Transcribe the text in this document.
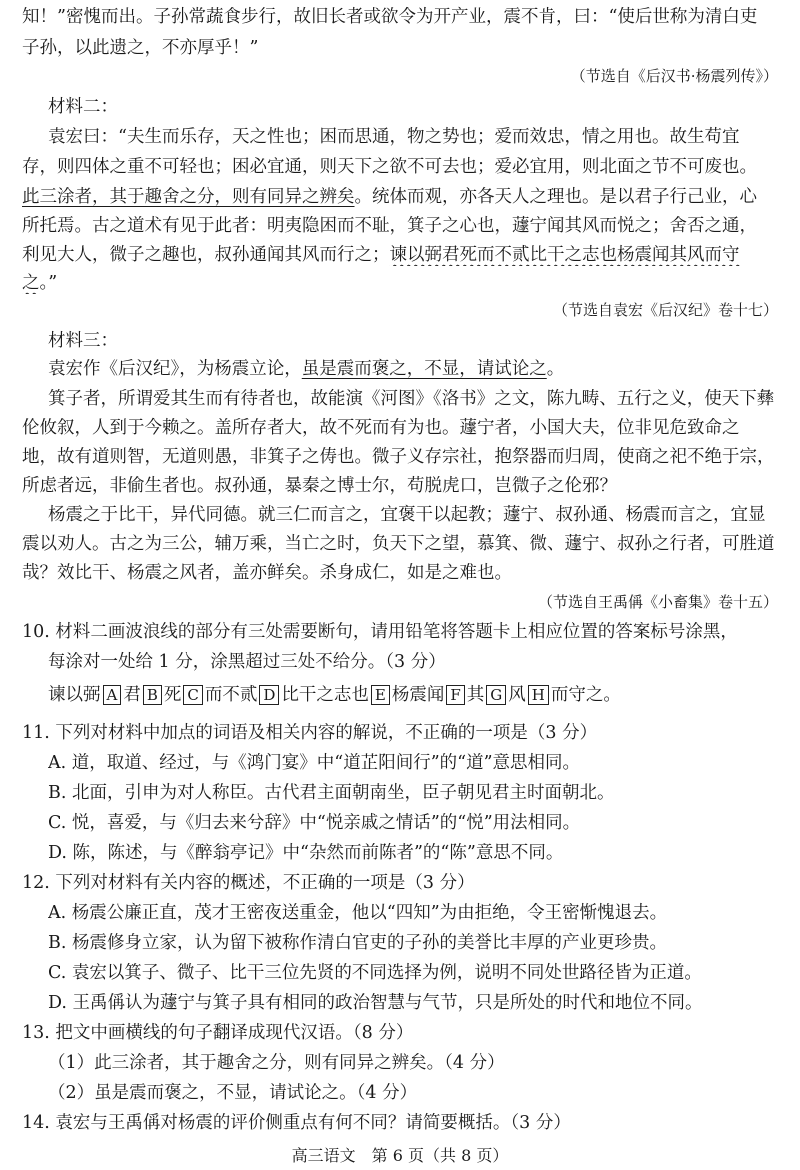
知！”密愧而出。子孙常蔬食步行，故旧长者或欲令为开产业，震不肯，曰：“使后世称为清白吏
子孙，以此遗之，不亦厚乎！”
（节选自《后汉书·杨震列传》）
材料二：
袁宏曰：“夫生而乐存，天之性也；困而思通，物之势也；爱而效忠，情之用也。故生苟宜
存，则四体之重不可轻也；困必宜通，则天下之欲不可去也；爱必宜用，则北面之节不可废也。
此三涂者，其于趣舍之分，则有同异之辨矣。统体而观，亦各天人之理也。是以君子行己业，心
所托焉。古之道术有见于此者：明夷隐困而不耻，箕子之心也，蘧宁闻其风而悦之；舍否之通，
利见大人，微子之趣也，叔孙通闻其风而行之；谏以弼君死而不贰比干之志也杨震闻其风而守
之。”
（节选自袁宏《后汉纪》卷十七）
材料三：
袁宏作《后汉纪》，为杨震立论，虽是震而褒之，不显，请试论之。
箕子者，所谓爱其生而有待者也，故能演《河图》《洛书》之文，陈九畴、五行之义，使天下彝
伦攸叙，人到于今赖之。盖所存者大，故不死而有为也。蘧宁者，小国大夫，位非见危致命之
地，故有道则智，无道则愚，非箕子之俦也。微子义存宗社，抱祭器而归周，使商之祀不绝于宗，
所虑者远，非偷生者也。叔孙通，暴秦之博士尔，苟脱虎口，岂微子之伦邪？
杨震之于比干，异代同德。就三仁而言之，宜褒干以起教；蘧宁、叔孙通、杨震而言之，宜显
震以劝人。古之为三公，辅万乘，当亡之时，负天下之望，慕箕、微、蘧宁、叔孙之行者，可胜道
哉？效比干、杨震之风者，盖亦鲜矣。杀身成仁，如是之难也。
（节选自王禹偁《小畜集》卷十五）
10. 材料二画波浪线的部分有三处需要断句，请用铅笔将答题卡上相应位置的答案标号涂黑，
每涂对一处给 1 分，涂黑超过三处不给分。（3 分）
谏以弼 A 君 B 死 C 而不贰 D 比干之志也 E 杨震闻 F 其 G 风 H 而守之。
11. 下列对材料中加点的词语及相关内容的解说，不正确的一项是（3 分）
A. 道，取道、经过，与《鸿门宴》中“道芷阳间行”的“道”意思相同。
B. 北面，引申为对人称臣。古代君主面朝南坐，臣子朝见君主时面朝北。
C. 悦，喜爱，与《归去来兮辞》中“悦亲戚之情话”的“悦”用法相同。
D. 陈，陈述，与《醉翁亭记》中“杂然而前陈者”的“陈”意思不同。
12. 下列对材料有关内容的概述，不正确的一项是（3 分）
A. 杨震公廉正直，茂才王密夜送重金，他以“四知”为由拒绝，令王密惭愧退去。
B. 杨震修身立家，认为留下被称作清白官吏的子孙的美誉比丰厚的产业更珍贵。
C. 袁宏以箕子、微子、比干三位先贤的不同选择为例，说明不同处世路径皆为正道。
D. 王禹偁认为蘧宁与箕子具有相同的政治智慧与气节，只是所处的时代和地位不同。
13. 把文中画横线的句子翻译成现代汉语。（8 分）
（1）此三涂者，其于趣舍之分，则有同异之辨矣。（4 分）
（2）虽是震而褒之，不显，请试论之。（4 分）
14. 袁宏与王禹偁对杨震的评价侧重点有何不同？请简要概括。（3 分）
高三语文　第 6 页（共 8 页）
